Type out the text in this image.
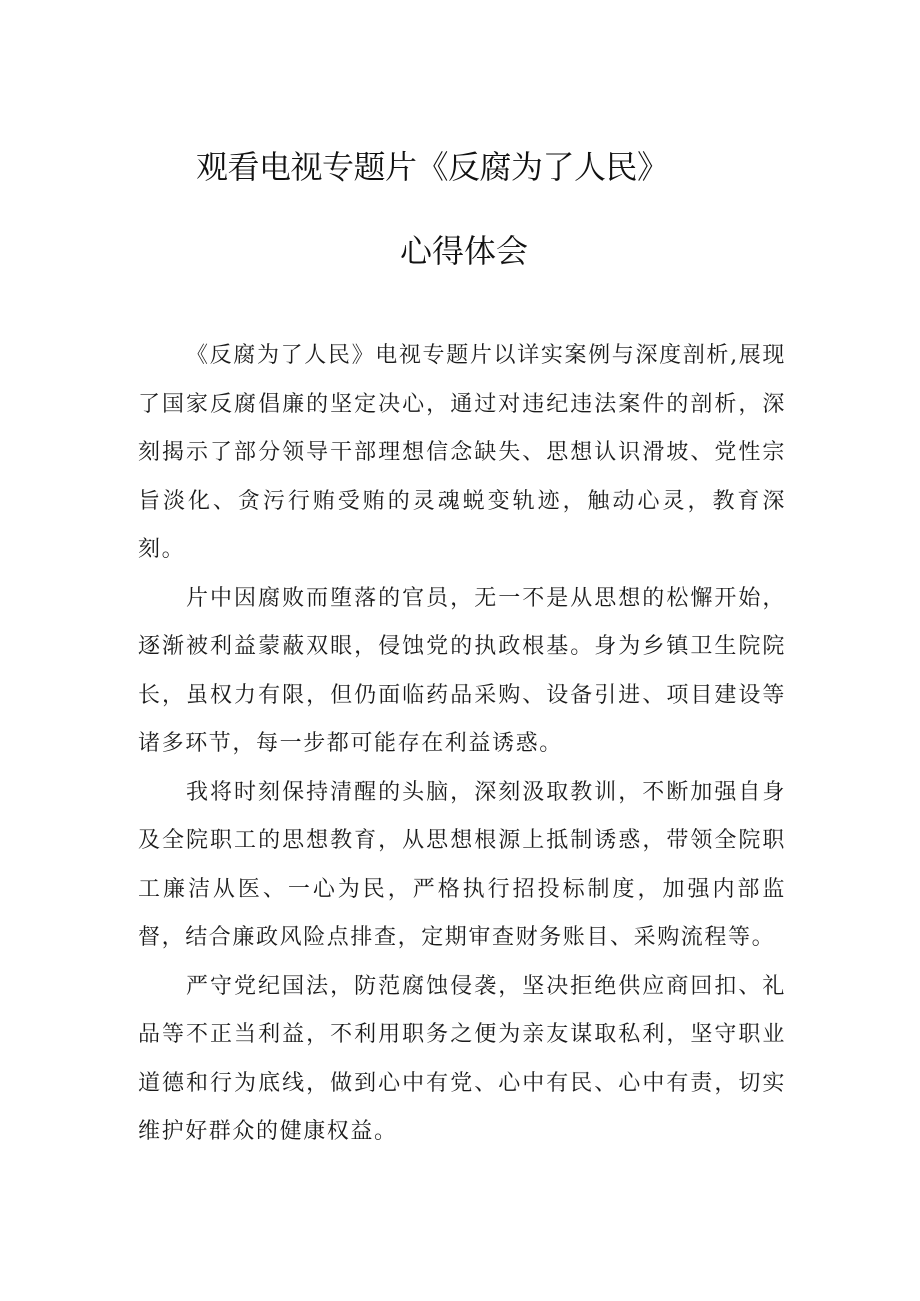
观看电视专题片《反腐为了人民》
心得体会

《反腐为了人民》电视专题片以详实案例与深度剖析,展现了国家反腐倡廉的坚定决心，通过对违纪违法案件的剖析，深刻揭示了部分领导干部理想信念缺失、思想认识滑坡、党性宗旨淡化、贪污行贿受贿的灵魂蜕变轨迹，触动心灵，教育深刻。

片中因腐败而堕落的官员，无一不是从思想的松懈开始，逐渐被利益蒙蔽双眼，侵蚀党的执政根基。身为乡镇卫生院院长，虽权力有限，但仍面临药品采购、设备引进、项目建设等诸多环节，每一步都可能存在利益诱惑。

我将时刻保持清醒的头脑，深刻汲取教训，不断加强自身及全院职工的思想教育，从思想根源上抵制诱惑，带领全院职工廉洁从医、一心为民，严格执行招投标制度，加强内部监督，结合廉政风险点排查，定期审查财务账目、采购流程等。

严守党纪国法，防范腐蚀侵袭，坚决拒绝供应商回扣、礼品等不正当利益，不利用职务之便为亲友谋取私利，坚守职业道德和行为底线，做到心中有党、心中有民、心中有责，切实维护好群众的健康权益。
